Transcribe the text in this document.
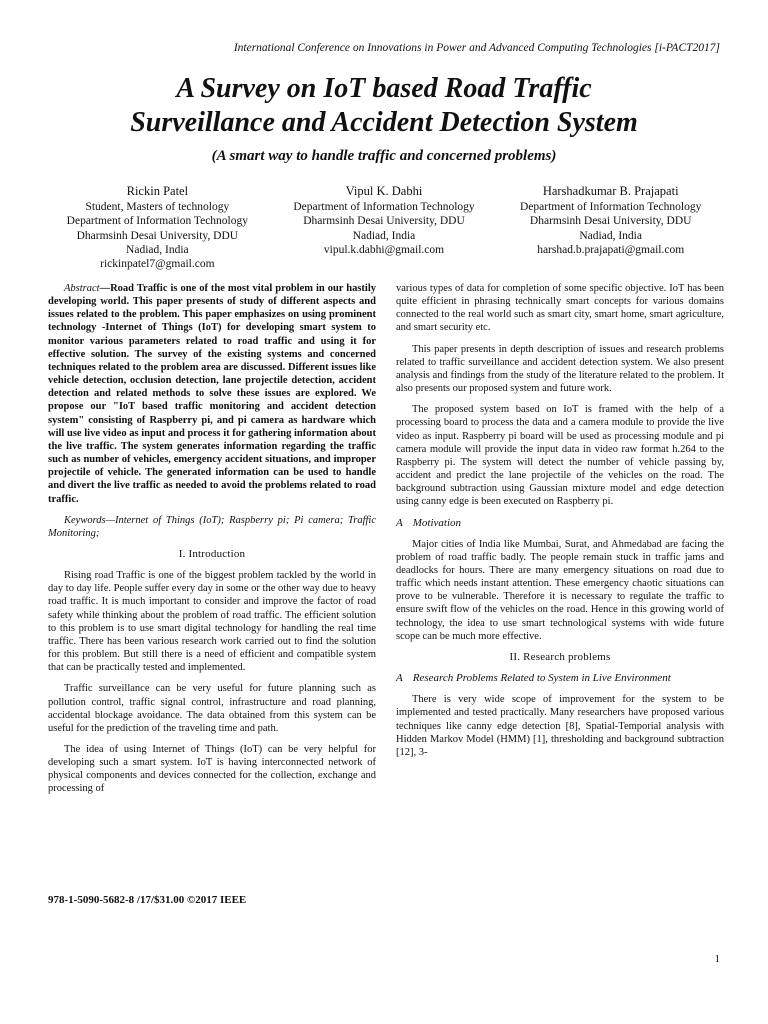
International Conference on Innovations in Power and Advanced Computing Technologies [i-PACT2017]
A Survey on IoT based Road Traffic
Surveillance and Accident Detection System
(A smart way to handle traffic and concerned problems)
Rickin Patel
Student, Masters of technology
Department of Information Technology
Dharmsinh Desai University, DDU
Nadiad, India
rickinpatel7@gmail.com
Vipul K. Dabhi
Department of Information Technology
Dharmsinh Desai University, DDU
Nadiad, India
vipul.k.dabhi@gmail.com
Harshadkumar B. Prajapati
Department of Information Technology
Dharmsinh Desai University, DDU
Nadiad, India
harshad.b.prajapati@gmail.com

Abstract—Road Traffic is one of the most vital problem in our hastily developing world. This paper presents of study of different aspects and issues related to the problem. This paper emphasizes on using prominent technology -Internet of Things (IoT) for developing smart system to monitor various parameters related to road traffic and using it for effective solution. The survey of the existing systems and concerned techniques related to the problem area are discussed. Different issues like vehicle detection, occlusion detection, lane projectile detection, accident detection and related methods to solve these issues are explored. We propose our "IoT based traffic monitoring and accident detection system" consisting of Raspberry pi, and pi camera as hardware which will use live video as input and process it for gathering information about the live traffic. The system generates information regarding the traffic such as number of vehicles, emergency accident situations, and improper projectile of vehicle. The generated information can be used to handle and divert the live traffic as needed to avoid the problems related to road traffic.

Keywords—Internet of Things (IoT); Raspberry pi; Pi camera; Traffic Monitoring;

I. Introduction

Rising road Traffic is one of the biggest problem tackled by the world in day to day life. People suffer every day in some or the other way due to heavy road traffic. It is much important to consider and improve the factor of road safety while thinking about the problem of road traffic. The efficient solution to this problem is to use smart digital technology for handling the real time traffic. There has been various research work carried out to find the solution for this problem. But still there is a need of efficient and compatible system that can be practically tested and implemented.

Traffic surveillance can be very useful for future planning such as pollution control, traffic signal control, infrastructure and road planning, accidental blockage avoidance. The data obtained from this system can be useful for the prediction of the traveling time and path.

The idea of using Internet of Things (IoT) can be very helpful for developing such a smart system. IoT is having interconnected network of physical components and devices connected for the collection, exchange and processing of

various types of data for completion of some specific objective. IoT has been quite efficient in phrasing technically smart concepts for various domains connected to the real world such as smart city, smart home, smart agriculture, and smart security etc.

This paper presents in depth description of issues and research problems related to traffic surveillance and accident detection system. We also present analysis and findings from the study of the literature related to the problem. It also presents our proposed system and future work.

The proposed system based on IoT is framed with the help of a processing board to process the data and a camera module to provide the live video as input. Raspberry pi board will be used as processing module and pi camera module will provide the input data in video raw format h.264 to the Raspberry pi. The system will detect the number of vehicle passing by, accident and predict the lane projectile of the vehicles on the road. The background subtraction using Gaussian mixture model and edge detection using canny edge is been executed on Raspberry pi.

A Motivation

Major cities of India like Mumbai, Surat, and Ahmedabad are facing the problem of road traffic badly. The people remain stuck in traffic jams and deadlocks for hours. There are many emergency situations on road due to traffic which needs instant attention. These emergency chaotic situations can prove to be vulnerable. Therefore it is necessary to regulate the traffic to ensure swift flow of the vehicles on the road. Hence in this growing world of technology, the idea to use smart technological systems with wide future scope can be much more effective.

II. Research problems

A Research Problems Related to System in Live Environment

There is very wide scope of improvement for the system to be implemented and tested practically. Many researchers have proposed various techniques like canny edge detection [8], Spatial-Temporial analysis with Hidden Markov Model (HMM) [1], thresholding and background subtraction [12], 3-

978-1-5090-5682-8 /17/$31.00 ©2017 IEEE
1
